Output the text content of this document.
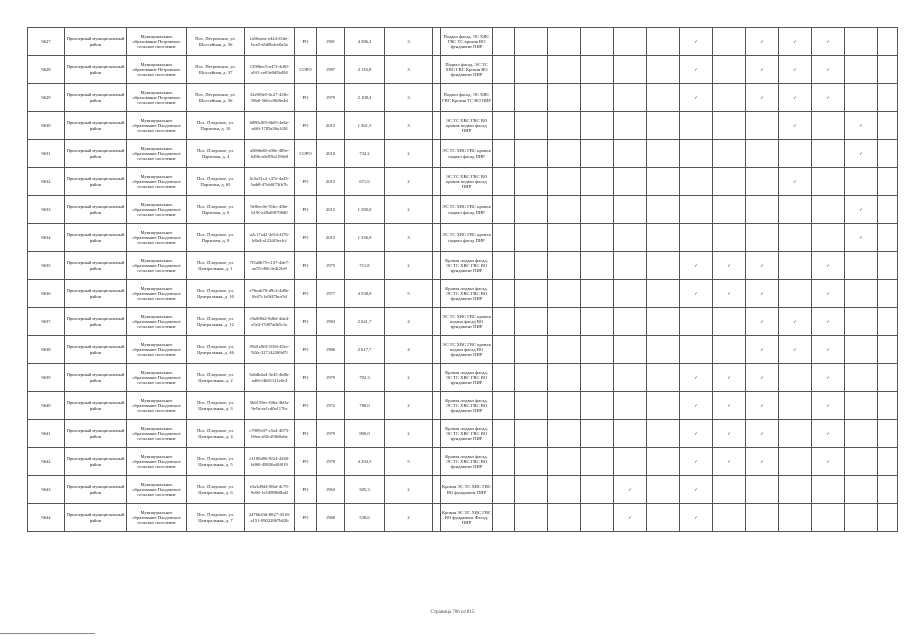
9627	Приозерный муниципальный район	Муниципальное образование Петровское сельское поселение	Пос. Петровское, ул. Шоссейная, д. 36	fa56eaea-e424-41de-bca5-a5d8b4ce0a3a	РО	1981	4 386,2	3		Подвал фасад, ЭС ХВС ГВС ТС кровля ВО фундамент ПИР							✓		✓	✓	✓		
9628	Приозерный муниципальный район	Муниципальное образование Петровское сельское поселение	Пос. Петровское, ул. Шоссейная, д. 37	1290bec5-e47f-4c80-a9f1-ce03e9d5b494	СОРО	1987	2 110,8	3		Подвал фасад, ЭС ТС ХВС ГВС Кровля ВО фундамент ПИР							✓		✓	✓	✓		
9629	Приозерный муниципальный район	Муниципальное образование Петровское сельское поселение	Пос. Петровское, ул. Шоссейная, д. 36	32e9f0e5-6c27-4f3b-98a0-5b0cc06f8e4d	РО	1979	2 108,4	3		Подвал фасад, ЭС ХВС ГВС Кровля ТС ВО ПИР							✓		✓	✓	✓		
9630	Приозерный муниципальный район	Муниципальное образование Плодовское сельское поселение	Пос. Плодовое, ул. Партизан, д. 10	b880c0f0-6b65-4e6e-a6f6-1785a36a1f20	РО	2015	1 361,5	3		ЭС ТС ХВС ГВС ВО кровля подвал фасад ПИР										✓		✓	
9631	Приозерный муниципальный район	Муниципальное образование Плодовское сельское поселение	Пос. Плодовое, ул. Партизан, д. 4	a5066e8f-e00e-485e-b49b-a6e95b2190e8	СОРО	2010	732,2	2		ЭС ТС ХВС ГВС кровля подвал фасад ПИР												✓	
9632	Приозерный муниципальный район	Муниципальное образование Плодовское сельское поселение	Пос. Плодовое, ул. Партизан, д. 65	6c5a31c2-c37e-4a45-bab8-47eb0f73fb7b	РО	2015	671,6	2		ЭС ТС ХВС ГВС ВО кровля подвал фасад ПИР										✓			
9633	Приозерный муниципальный район	Муниципальное образование Плодовское сельское поселение	Пос. Плодовое, ул. Партизан, д. 6	9e0fec0e-91bc-4f6e-b19f-a28a0f8796d0	РО	2015	1 580,0	2		ЭС ТС ХВС ГВС кровля подвал фасад ПИР												✓	
9634	Приозерный муниципальный район	Муниципальное образование Плодовское сельское поселение	Пос. Плодовое, ул. Партизан, д. 8	a2c17a42-2e54-4f76-b8a4-a1234f3ecfcf	РО	2015	1 356,0	3		ЭС ТС ХВС ГВС кровля подвал фасад ПИР												✓	
9635	Приозерный муниципальный район	Муниципальное образование Плодовское сельское поселение	Пос. Плодовое, ул. Центральная, д. 1	7f5a0b75-c137-4de7-ae55-d9fc3e4f2fe9	РО	1975	711,8	2		Кровля подвал фасад, ЭС ТС ХВС ГВС ВО фундамент ПИР							✓	✓	✓		✓		
9636	Приозерный муниципальный район	Муниципальное образование Плодовское сельское поселение	Пос. Плодовое, ул. Центральная, д. 10	e76cab70-d9c2-4d8e-8e47c1a9f47bce5d	РО	1977	4 538,0	5		Кровля подвал фасад, ЭС ТС ХВС ГВС ВО фундамент ПИР							✓	✓	✓		✓		
9637	Приозерный муниципальный район	Муниципальное образование Плодовское сельское поселение	Пос. Плодовое, ул. Центральная, д. 12	c9a0f8d2-8d6d-4da4-a5e4-f7d07a6b5c3c	РО	1983	2 621,7	4		ЭС ТС ХВС ГВС кровля подвал фасад ВО фундамент ПИР									✓	✓	✓		
9638	Приозерный муниципальный район	Муниципальное образование Плодовское сельское поселение	Пос. Плодовое, ул. Центральная, д. 46	95d1e9f0-3169-45ec-92fa-227142269d7f	РО	1986	2 617,7	4		ЭС ТС ХВС ГВС кровля подвал фасад ВО фундамент ПИР									✓	✓	✓		
9639	Приозерный муниципальный район	Муниципальное образование Плодовское сельское поселение	Пос. Плодовое, ул. Центральная, д. 2	5a6db4a4-3e45-4b8b-adfb-f4b81121e0c4	РО	1979	792,3	2		Кровля подвал фасад, ЭС ТС ХВС ГВС ВО фундамент ПИР							✓	✓	✓		✓		
9640	Приозерный муниципальный район	Муниципальное образование Плодовское сельское поселение	Пос. Плодовое, ул. Центральная, д. 3	5b6159ec-0f6a-4b0a-9e5a-ae1cd0a1176c	РО	1972	788,0	2		Кровля подвал фасад, ЭС ТС ХВС ГВС ВО фундамент ПИР							✓	✓	✓		✓		
9641	Приозерный муниципальный район	Муниципальное образование Плодовское сельское поселение	Пос. Плодовое, ул. Центральная, д. 4	c7909c07-c5a4-4075-b9ea-a92cd58e8a6e	РО	1979	800,0	2		Кровля подвал фасад, ЭС ТС ХВС ГВС ВО фундамент ПИР							✓	✓	✓		✓		
9642	Приозерный муниципальный район	Муниципальное образование Плодовское сельское поселение	Пос. Плодовое, ул. Центральная, д. 5	e1180d06-9f24-4260-b060-48836af0f019	РО	1978	4 294,5	5		Кровля подвал фасад, ЭС ТС ХВС ГВС ВО фундамент ПИР							✓	✓	✓		✓		
9643	Приозерный муниципальный район	Муниципальное образование Плодовское сельское поселение	Пос. Плодовое, ул. Центральная, д. 6	e5a3d9d4-88af-4c79-9c66-1e54988e8bd2	РО	1963	505,3	2		Кровля ЭС ТС ХВС ГВС ВО фундамент ПИР					✓		✓						
9644	Приозерный муниципальный район	Муниципальное образование Плодовское сельское поселение	Пос. Плодовое, ул. Центральная, д. 7	2476643d-8027-4518-a151-09022867b02b	РО	1960	538,6	2		Кровля ЭС ТС ХВС ГВС ВО фундамент Фасад, ПИР					✓		✓						
Страница 706 из 815
